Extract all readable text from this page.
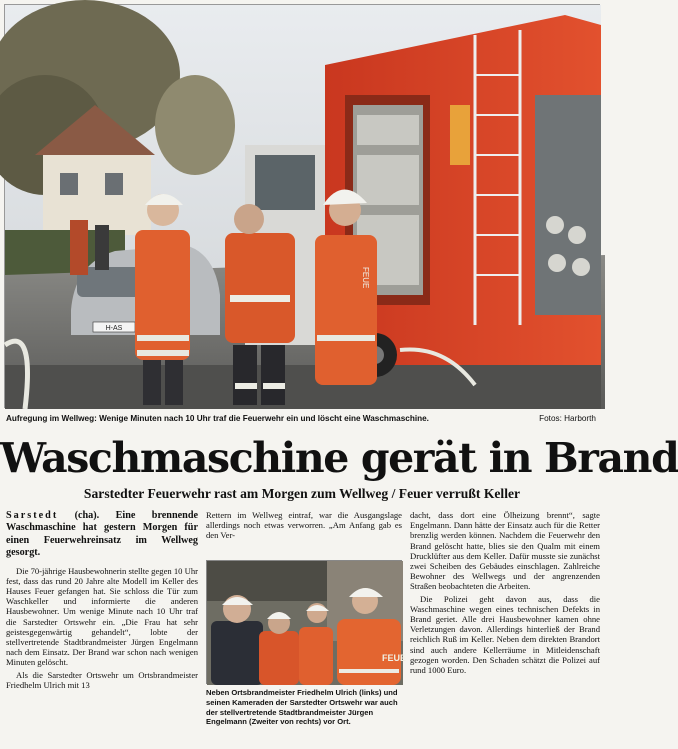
H-AS
FEUE
Aufregung im Wellweg: Wenige Minuten nach 10 Uhr traf die Feuerwehr ein und löscht eine Waschmaschine.	Fotos: Harborth
Waschmaschine gerät in Brand
Sarstedter Feuerwehr rast am Morgen zum Wellweg / Feuer verrußt Keller
Sarstedt (cha). Eine brennende Waschmaschine hat gestern Morgen für einen Feuerwehreinsatz im Wellweg gesorgt.

Die 70-jährige Hausbewohnerin stellte gegen 10 Uhr fest, dass das rund 20 Jahre alte Modell im Keller des Hauses Feuer gefangen hat. Sie schloss die Tür zum Waschkeller und informierte die anderen Hausbewohner. Um wenige Minute nach 10 Uhr traf die Sarstedter Ortswehr ein. „Die Frau hat sehr geistesgegenwärtig gehandelt“, lobte der stellvertretende Stadtbrandmeister Jürgen Engelmann nach dem Einsatz. Der Brand war schon nach wenigen Minuten gelöscht.

Als die Sarstedter Ortswehr um Ortsbrandmeister Friedhelm Ulrich mit 13

Rettern im Wellweg eintraf, war die Ausgangslage allerdings noch etwas verworren. „Am Anfang gab es den Ver-

FEUE
Neben Ortsbrandmeister Friedhelm Ulrich (links) und seinen Kameraden der Sarstedter Ortswehr war auch der stellvertretende Stadtbrandmeister Jürgen Engelmann (Zweiter von rechts) vor Ort.

dacht, dass dort eine Ölheizung brennt“, sagte Engelmann. Dann hätte der Einsatz auch für die Retter brenzlig werden können. Nachdem die Feuerwehr den Brand gelöscht hatte, blies sie den Qualm mit einem Drucklüfter aus dem Keller. Dafür musste sie zunächst zwei Scheiben des Gebäudes einschlagen. Zahlreiche Bewohner des Wellwegs und der angrenzenden Straßen beobachteten die Arbeiten.

Die Polizei geht davon aus, dass die Waschmaschine wegen eines technischen Defekts in Brand geriet. Alle drei Hausbewohner kamen ohne Verletzungen davon. Allerdings hinterließ der Brand reichlich Ruß im Keller. Neben dem direkten Brandort sind auch andere Kellerräume in Mitleidenschaft gezogen worden. Den Schaden schätzt die Polizei auf rund 1000 Euro.
